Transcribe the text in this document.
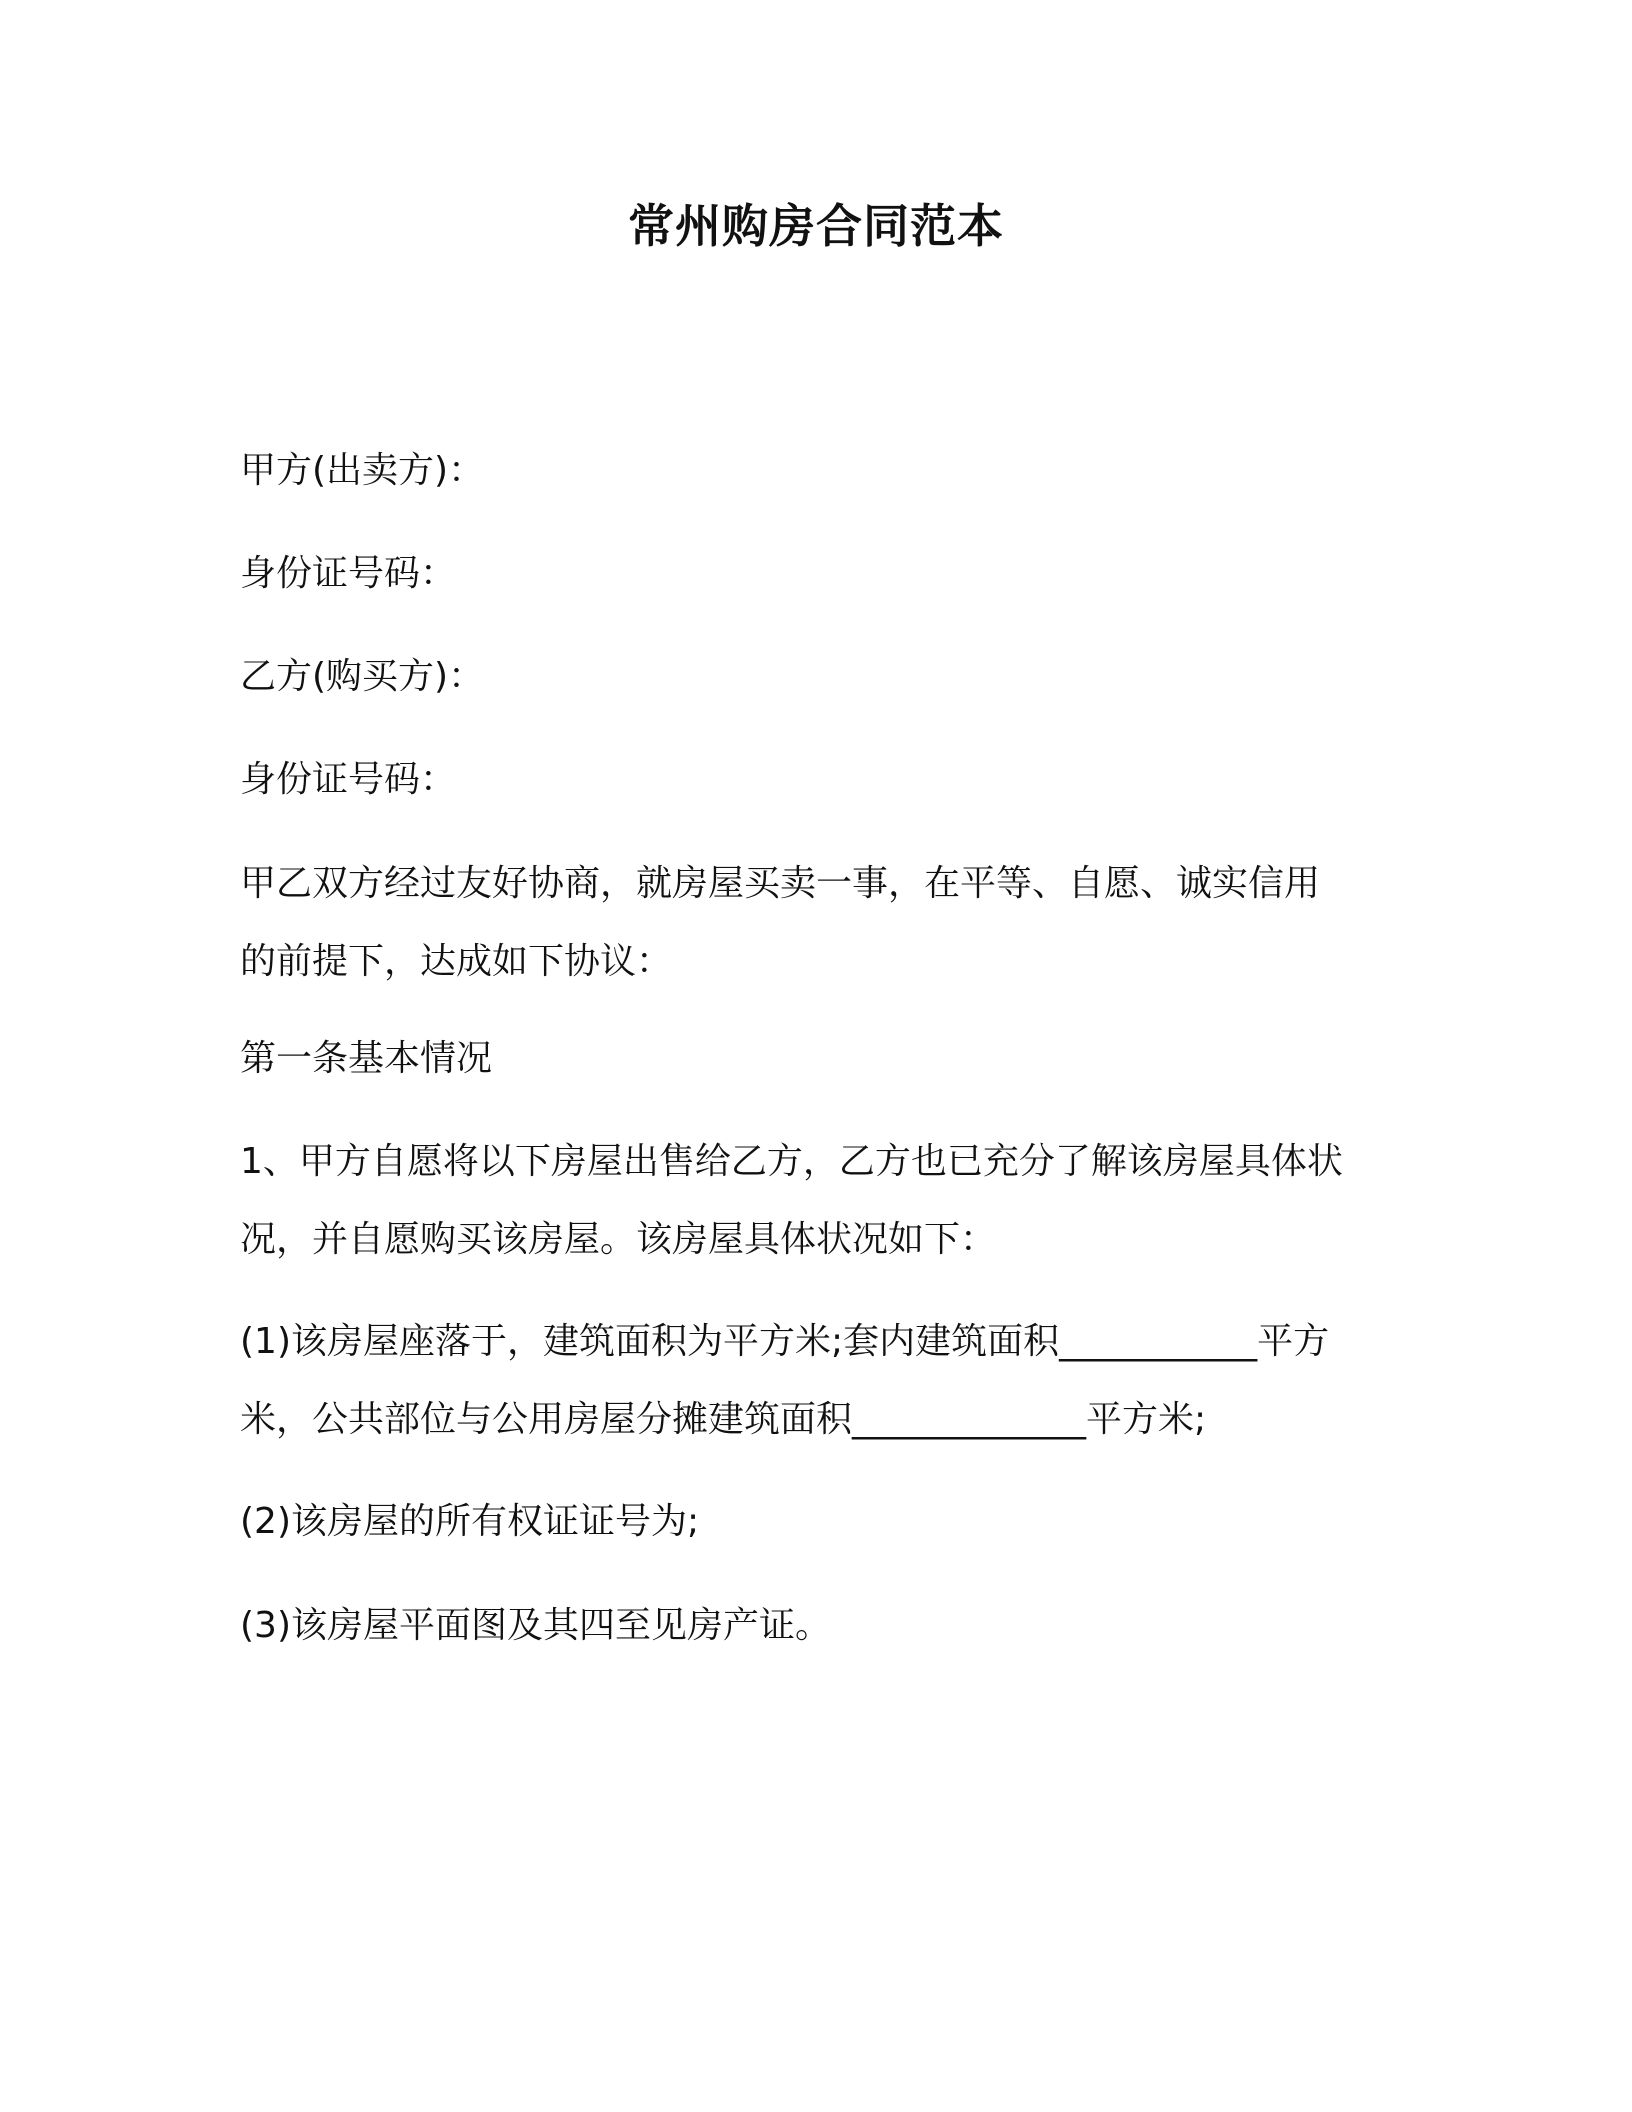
常州购房合同范本

甲方(出卖方)：

身份证号码：

乙方(购买方)：

身份证号码：

甲乙双方经过友好协商，就房屋买卖一事，在平等、自愿、诚实信用
的前提下，达成如下协议：

第一条基本情况

1、甲方自愿将以下房屋出售给乙方，乙方也已充分了解该房屋具体状
况，并自愿购买该房屋。该房屋具体状况如下：

(1)该房屋座落于，建筑面积为平方米;套内建筑面积___________平方
米，公共部位与公用房屋分摊建筑面积_____________平方米;

(2)该房屋的所有权证证号为;

(3)该房屋平面图及其四至见房产证。
